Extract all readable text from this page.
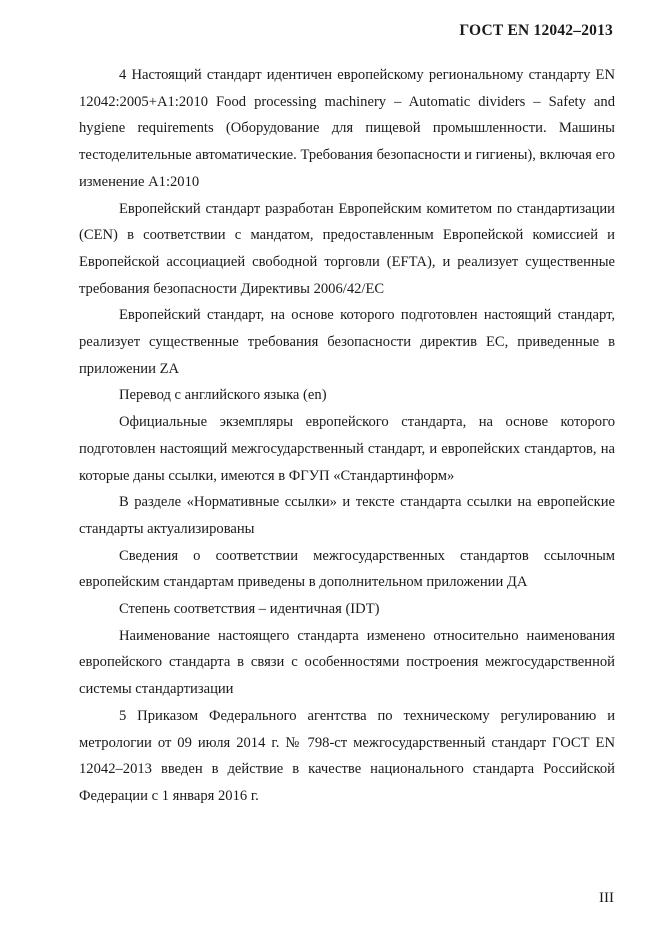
ГОСТ EN 12042–2013

4 Настоящий стандарт идентичен европейскому региональному стандарту EN 12042:2005+A1:2010 Food processing machinery – Automatic dividers – Safety and hygiene requirements (Оборудование для пищевой промышленности. Машины тестоделительные автоматические. Требования безопасности и гигиены), включая его изменение A1:2010

Европейский стандарт разработан Европейским комитетом по стандартизации (CEN) в соответствии с мандатом, предоставленным Европейской комиссией и Европейской ассоциацией свободной торговли (EFTA), и реализует существенные требования безопасности Директивы 2006/42/EC

Европейский стандарт, на основе которого подготовлен настоящий стандарт, реализует существенные требования безопасности директив ЕС, приведенные в приложении ZA

Перевод с английского языка (en)

Официальные экземпляры европейского стандарта, на основе которого подготовлен настоящий межгосударственный стандарт, и европейских стандартов, на которые даны ссылки, имеются в ФГУП «Стандартинформ»

В разделе «Нормативные ссылки» и тексте стандарта ссылки на европейские стандарты актуализированы

Сведения о соответствии межгосударственных стандартов ссылочным европейским стандартам приведены в дополнительном приложении ДА

Степень соответствия – идентичная (IDT)

Наименование настоящего стандарта изменено относительно наименования европейского стандарта в связи с особенностями построения межгосударственной системы стандартизации

5 Приказом Федерального агентства по техническому регулированию и метрологии от 09 июля 2014 г. № 798-ст межгосударственный стандарт ГОСТ EN 12042–2013 введен в действие в качестве национального стандарта Российской Федерации с 1 января 2016 г.

III
